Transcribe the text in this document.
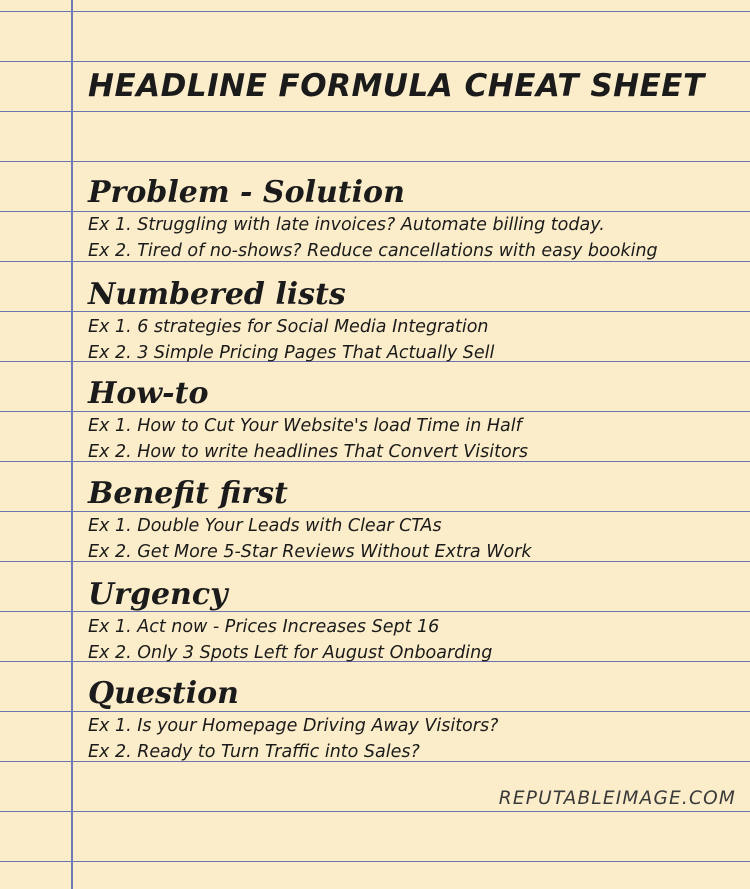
HEADLINE FORMULA CHEAT SHEET
Problem - Solution

Ex 1. Struggling with late invoices? Automate billing today.

Ex 2. Tired of no-shows? Reduce cancellations with easy booking

Numbered lists

Ex 1. 6 strategies for Social Media Integration

Ex 2. 3 Simple Pricing Pages That Actually Sell

How-to

Ex 1. How to Cut Your Website's load Time in Half

Ex 2. How to write headlines That Convert Visitors

Benefit first

Ex 1. Double Your Leads with Clear CTAs

Ex 2. Get More 5-Star Reviews Without Extra Work

Urgency

Ex 1. Act now - Prices Increases Sept 16

Ex 2. Only 3 Spots Left for August Onboarding

Question

Ex 1. Is your Homepage Driving Away Visitors?

Ex 2. Ready to Turn Traffic into Sales?

REPUTABLEIMAGE.COM
